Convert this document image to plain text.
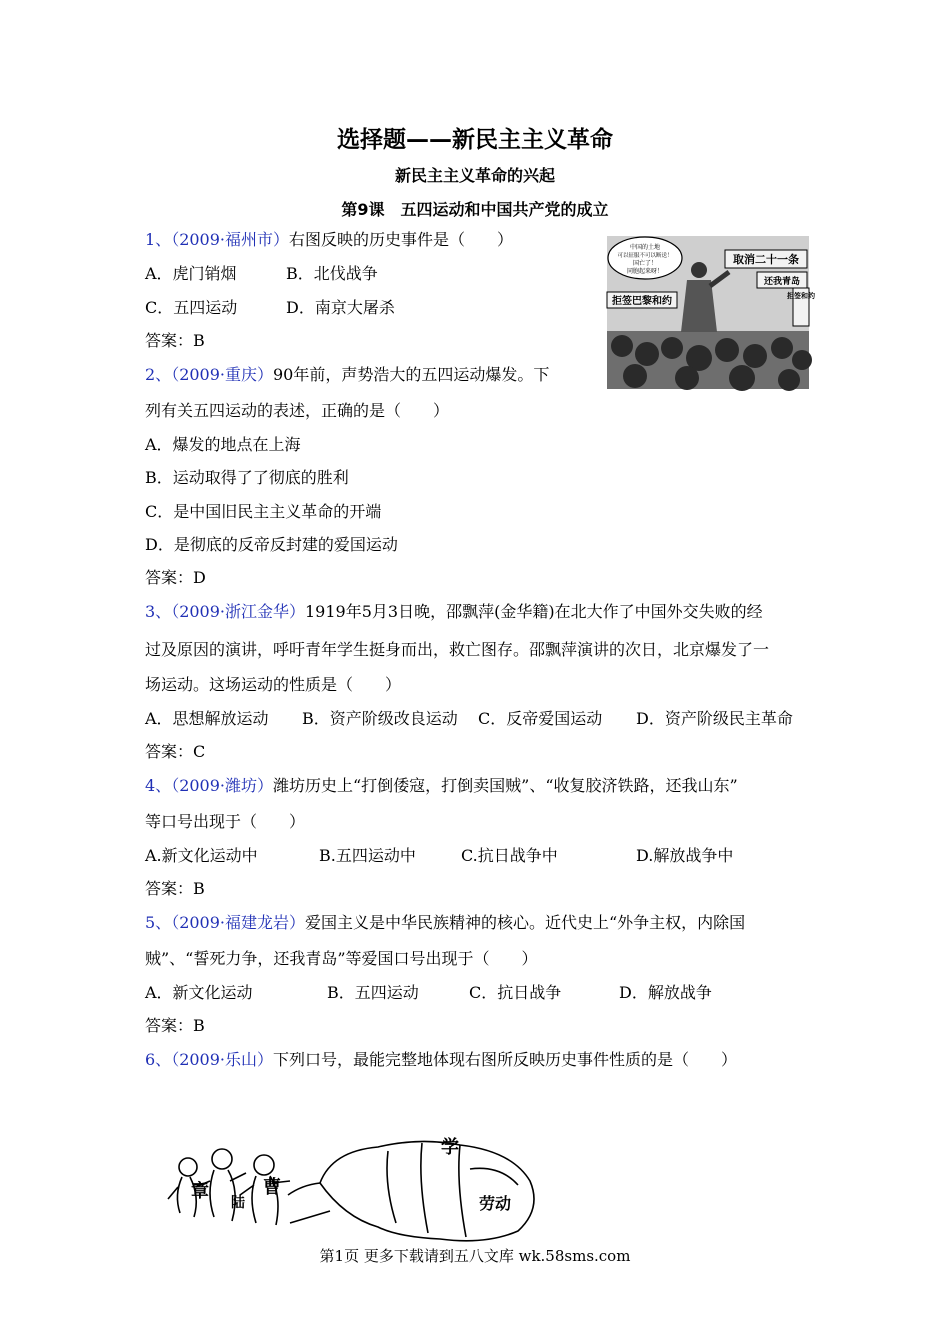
选择题——新民主主义革命
新民主主义革命的兴起
第9课　五四运动和中国共产党的成立
1、（2009·福州市）右图反映的历史事件是（　　）
A．虎门销烟	B．北伐战争
C．五四运动	D．南京大屠杀
答案：B
中国的土地
可以征服不可以断送！
国亡了！
同胞起来呀！
取消二十一条
还我青岛
拒签巴黎和约	拒签和约
2、（2009·重庆）90年前，声势浩大的五四运动爆发。下
列有关五四运动的表述，正确的是（　　）
A．爆发的地点在上海
B．运动取得了了彻底的胜利
C．是中国旧民主主义革命的开端
D．是彻底的反帝反封建的爱国运动
答案：D
3、（2009·浙江金华）1919年5月3日晚，邵飘萍(金华籍)在北大作了中国外交失败的经
过及原因的演讲，呼吁青年学生挺身而出，救亡图存。邵飘萍演讲的次日，北京爆发了一
场运动。这场运动的性质是（　　）
A．思想解放运动 B．资产阶级改良运动 C．反帝爱国运动 D．资产阶级民主革命
答案：C
4、（2009·潍坊）潍坊历史上“打倒倭寇，打倒卖国贼”、“收复胶济铁路，还我山东”
等口号出现于（　　）
A.新文化运动中	B.五四运动中	C.抗日战争中	D.解放战争中
答案：B
5、（2009·福建龙岩）爱国主义是中华民族精神的核心。近代史上“外争主权，内除国
贼”、“誓死力争，还我青岛”等爱国口号出现于（　　）
A．新文化运动	B．五四运动	C．抗日战争	D．解放战争
答案：B
6、（2009·乐山）下列口号，最能完整地体现右图所反映历史事件性质的是（　　）
章
陆
曹
学
劳动
第1页 更多下载请到五八文库 wk.58sms.com
